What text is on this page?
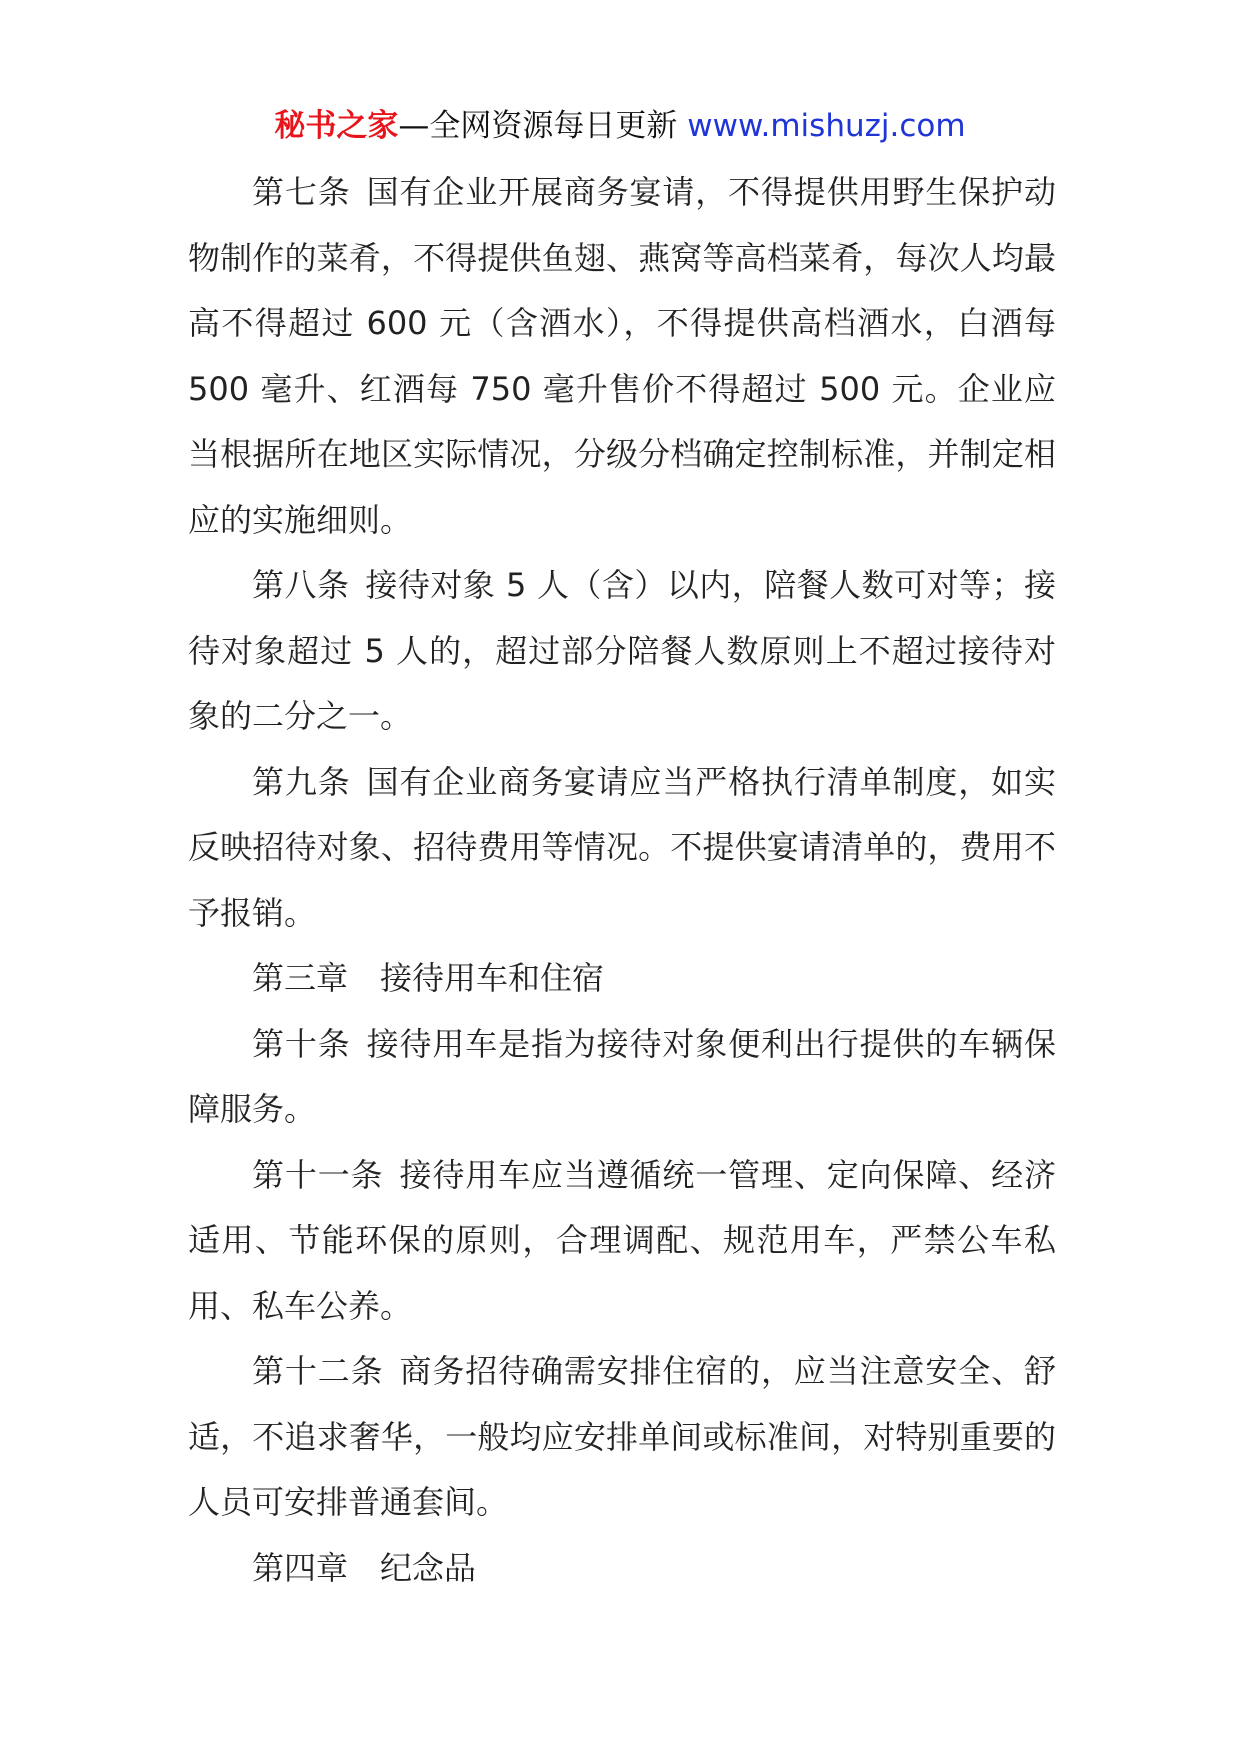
秘书之家—全网资源每日更新 www.mishuzj.com

第七条 国有企业开展商务宴请，不得提供用野生保护动物制作的菜肴，不得提供鱼翅、燕窝等高档菜肴，每次人均最高不得超过 600 元（含酒水），不得提供高档酒水，白酒每 500 毫升、红酒每 750 毫升售价不得超过 500 元。企业应当根据所在地区实际情况，分级分档确定控制标准，并制定相应的实施细则。

第八条 接待对象 5 人（含）以内，陪餐人数可对等；接待对象超过 5 人的，超过部分陪餐人数原则上不超过接待对象的二分之一。

第九条 国有企业商务宴请应当严格执行清单制度，如实反映招待对象、招待费用等情况。不提供宴请清单的，费用不予报销。

第三章 接待用车和住宿

第十条 接待用车是指为接待对象便利出行提供的车辆保障服务。

第十一条 接待用车应当遵循统一管理、定向保障、经济适用、节能环保的原则，合理调配、规范用车，严禁公车私用、私车公养。

第十二条 商务招待确需安排住宿的，应当注意安全、舒适，不追求奢华，一般均应安排单间或标准间，对特别重要的人员可安排普通套间。

第四章 纪念品
